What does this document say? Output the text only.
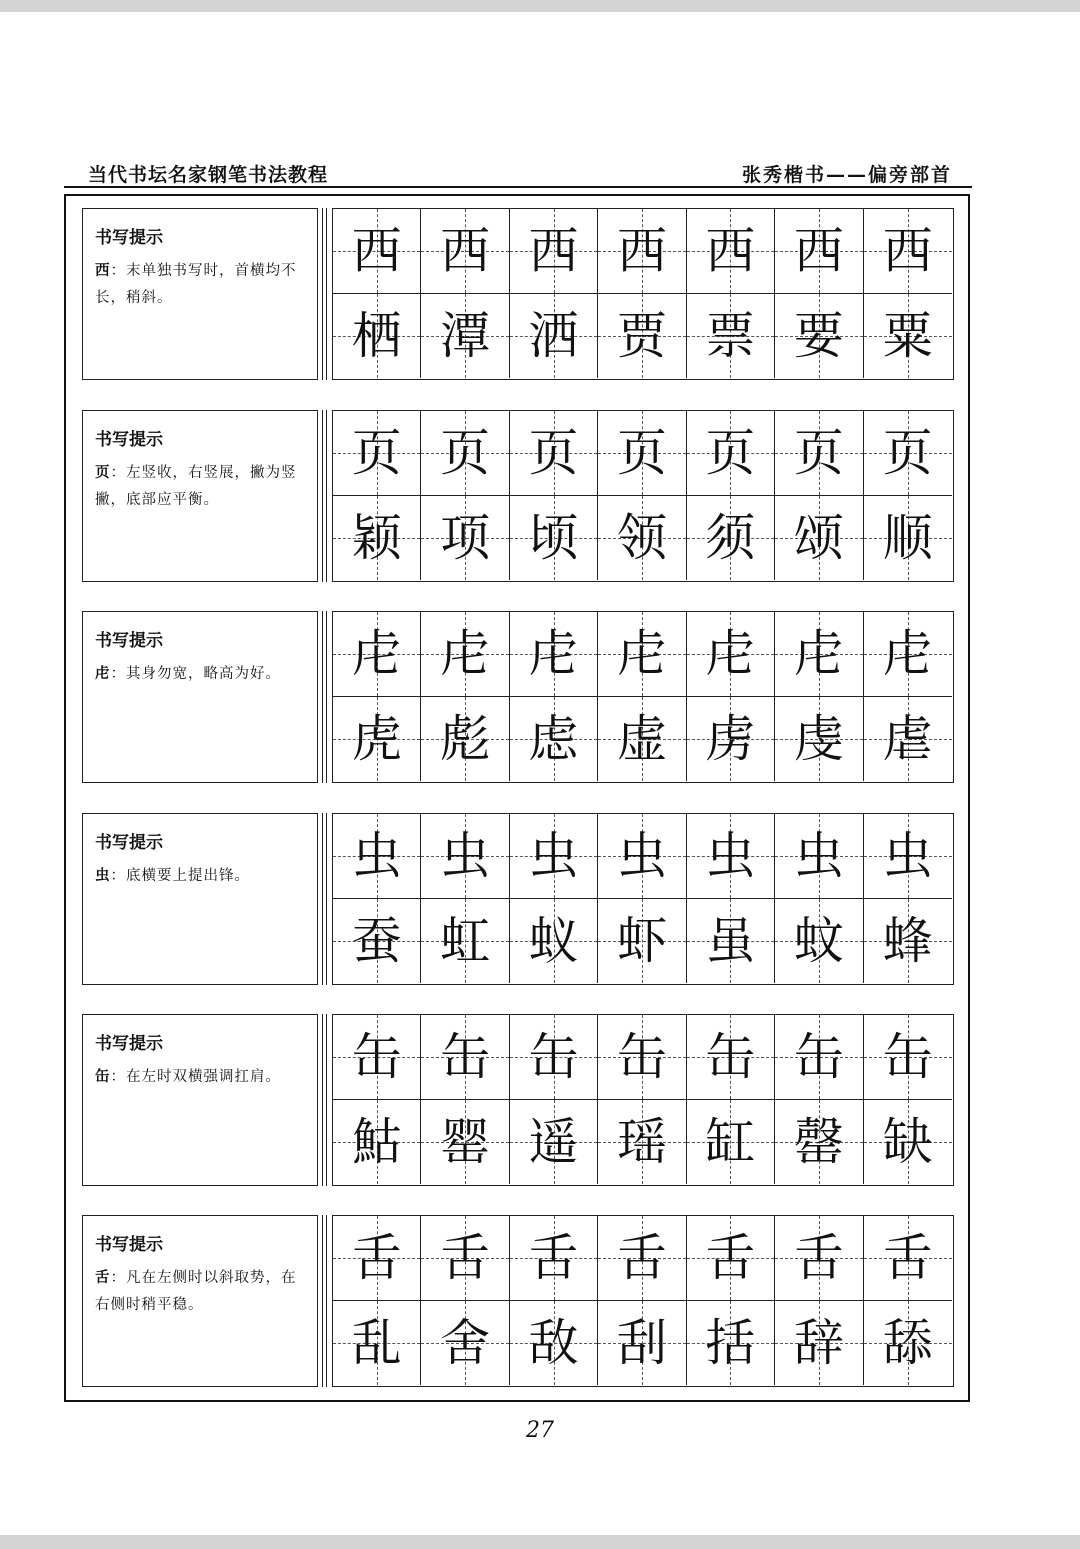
当代书坛名家钢笔书法教程	张秀楷书——偏旁部首
书写提示
西：末单独书写时，首横均不长，稍斜。
西 西 西 西 西 西 西
栖 潭 洒 贾 票 要 粟
书写提示
页：左竖收，右竖展，撇为竖撇，底部应平衡。
页 页 页 页 页 页 页
颖 项 顷 领 须 颂 顺
书写提示
虍：其身勿宽，略高为好。	虍 虍 虍 虍 虍 虍 虍
虎 彪 虑 虚 虏 虔 虐
书写提示
虫：底横要上提出锋。	虫 虫 虫 虫 虫 虫 虫
蚕 虹 蚁 虾 虽 蚊 蜂
书写提示
缶：在左时双横强调扛肩。	缶 缶 缶 缶 缶 缶 缶
鮕 罂 遥 瑶 缸 罄 缺
书写提示
舌：凡在左侧时以斜取势，在右侧时稍平稳。
舌 舌 舌 舌 舌 舌 舌
乱 舍 敌 刮 括 辞 舔
27
